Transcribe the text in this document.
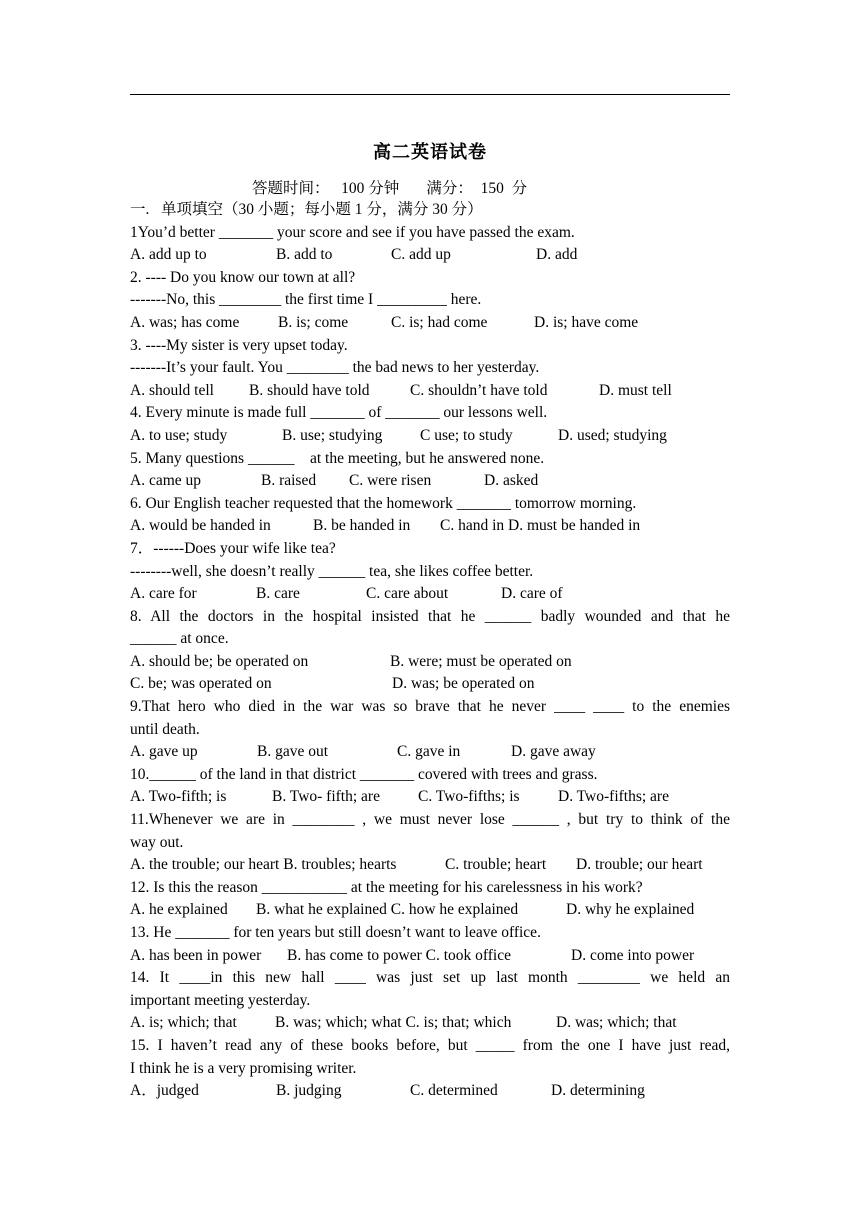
高二英语试卷
答题时间：   100 分钟       满分：  150  分
一.   单项填空（30 小题；每小题 1 分，满分 30 分）
1You’d better _______ your score and see if you have passed the exam.
A. add up to	B. add to	C. add up	D. add
2. ---- Do you know our town at all?
-------No, this ________ the first time I _________ here.
A. was; has come B. is; come	C. is; had come	D. is; have come
3. ----My sister is very upset today.
-------It’s your fault. You ________ the bad news to her yesterday.
A. should tell B. should have told	C. shouldn’t have told	D. must tell
4. Every minute is made full _______ of _______ our lessons well.
A. to use; study	B. use; studying C use; to study	D. used; studying
5. Many questions ______    at the meeting, but he answered none.
A. came up	B. raised C. were risen	D. asked
6. Our English teacher requested that the homework _______ tomorrow morning.
A. would be handed in	B. be handed in C. hand in D. must be handed in
7．------Does your wife like tea?
--------well, she doesn’t really ______ tea, she likes coffee better.
A. care for	B. care	C. care about	D. care of
8. All the doctors in the hospital insisted that he ______ badly wounded and that he
______ at once.
A. should be; be operated on	B. were; must be operated on
C. be; was operated on	D. was; be operated on
9.That hero who died in the war was so brave that he never ____ ____ to the enemies
until death.
A. gave up	B. gave out	C. gave in	D. gave away
10.______ of the land in that district _______ covered with trees and grass.
A. Two-fifth; is	B. Two- fifth; are C. Two-fifths; is D. Two-fifths; are
11.Whenever we are in ________ , we must never lose ______ , but try to think of the
way out.
A. the trouble; our heart B. troubles; hearts	C. trouble; heart D. trouble; our heart
12. Is this the reason ___________ at the meeting for his carelessness in his work?
A. he explained B. what he explained C. how he explained	D. why he explained
13. He _______ for ten years but still doesn’t want to leave office.
A. has been in power B. has come to power C. took office	D. come into power
14. It ____in this new hall ____ was just set up last month ________ we held an
important meeting yesterday.
A. is; which; that B. was; which; what C. is; that; which	D. was; which; that
15. I haven’t read any of these books before, but _____ from the one I have just read,
I think he is a very promising writer.
A．judged	B. judging	C. determined	D. determining
